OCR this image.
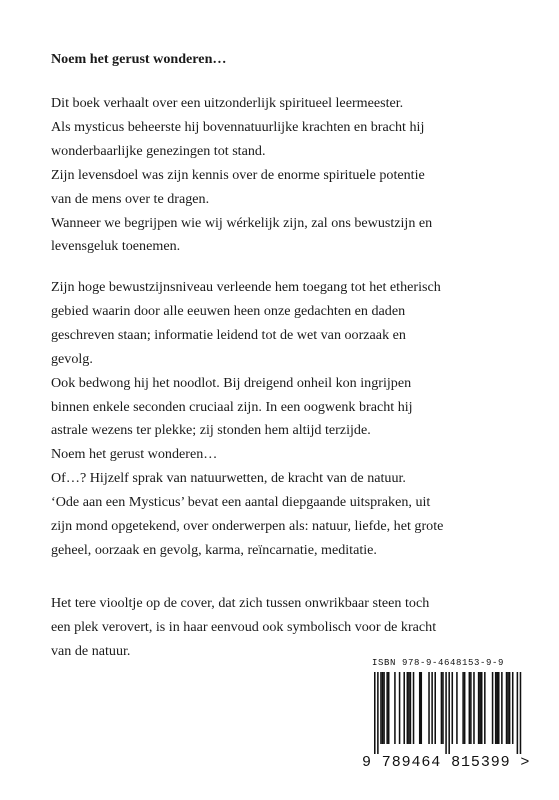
Noem het gerust wonderen…
Dit boek verhaalt over een uitzonderlijk spiritueel leermeester.
Als mysticus beheerste hij bovennatuurlijke krachten en bracht hij
wonderbaarlijke genezingen tot stand.
Zijn levensdoel was zijn kennis over de enorme spirituele potentie
van de mens over te dragen.
Wanneer we begrijpen wie wij wérkelijk zijn, zal ons bewustzijn en
levensgeluk toenemen.
Zijn hoge bewustzijnsniveau verleende hem toegang tot het etherisch
gebied waarin door alle eeuwen heen onze gedachten en daden
geschreven staan; informatie leidend tot de wet van oorzaak en
gevolg.
Ook bedwong hij het noodlot. Bij dreigend onheil kon ingrijpen
binnen enkele seconden cruciaal zijn. In een oogwenk bracht hij
astrale wezens ter plekke; zij stonden hem altijd terzijde.
Noem het gerust wonderen…
Of…? Hijzelf sprak van natuurwetten, de kracht van de natuur.
‘Ode aan een Mysticus’ bevat een aantal diepgaande uitspraken, uit
zijn mond opgetekend, over onderwerpen als: natuur, liefde, het grote
geheel, oorzaak en gevolg, karma, reïncarnatie, meditatie.
Het tere viooltje op de cover, dat zich tussen onwrikbaar steen toch
een plek verovert, is in haar eenvoud ook symbolisch voor de kracht
van de natuur.
ISBN 978-9-4648153-9-9
9 789464 815399 >
